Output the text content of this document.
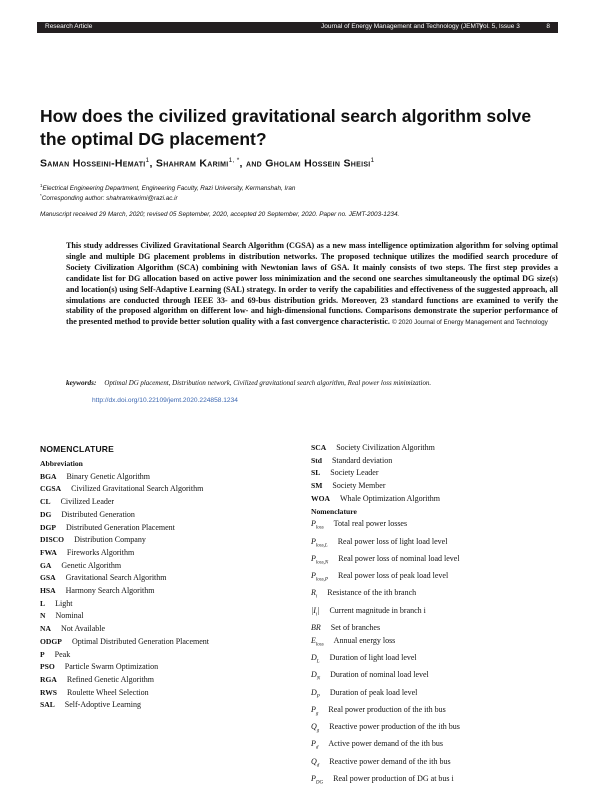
Research Article	Journal of Energy Management and Technology (JEMT)
Vol. 5, Issue 3	8
How does the civilized gravitational search algorithm solve the optimal DG placement?
Saman Hosseini-Hemati$^1$, Shahram Karimi$^{1, *}$, and Gholam Hossein Sheisi$^1$
$^1$Electrical Engineering Department, Engineering Faculty, Razi University, Kermanshah, Iran
*Corresponding author: shahramkarimi@razi.ac.ir
Manuscript received 29 March, 2020; revised 05 September, 2020, accepted 20 September, 2020. Paper no. JEMT-2003-1234.
This study addresses Civilized Gravitational Search Algorithm (CGSA) as a new mass intelligence optimization algorithm for solving optimal single and multiple DG placement problems in distribution networks. The proposed technique utilizes the modified search procedure of Society Civilization Algorithm (SCA) combining with Newtonian laws of GSA. It mainly consists of two steps. The first step provides a candidate list for DG allocation based on active power loss minimization and the second one searches simultaneously the optimal DG size(s) and location(s) using Self-Adaptive Learning (SAL) strategy. In order to verify the capabilities and effectiveness of the suggested approach, all simulations are conducted through IEEE 33- and 69-bus distribution grids. Moreover, 23 standard functions are examined to verify the stability of the proposed algorithm on different low- and high-dimensional functions. Comparisons demonstrate the superior performance of the presented method to provide better solution quality with a fast convergence characteristic. © 2020 Journal of Energy Management and Technology
keywords: Optimal DG placement, Distribution network, Civilized gravitational search algorithm, Real power loss minimization.
http://dx.doi.org/10.22109/jemt.2020.224858.1234
NOMENCLATURE
Abbreviation
BGA Binary Genetic Algorithm
CGSA Civilized Gravitational Search Algorithm
CL Civilized Leader
DG Distributed Generation
DGP Distributed Generation Placement
DISCO Distribution Company
FWA Fireworks Algorithm
GA Genetic Algorithm
GSA Gravitational Search Algorithm
HSA Harmony Search Algorithm
L Light
N Nominal
NA Not Available
ODGP Optimal Distributed Generation Placement
P Peak
PSO Particle Swarm Optimization
RGA Refined Genetic Algorithm
RWS Roulette Wheel Selection
SAL Self-Adoptive Learning
SCA Society Civilization Algorithm
Std Standard deviation
SL Society Leader
SM Society Member
WOA Whale Optimization Algorithm
Nomenclature
$P_{loss}Total$ real power losses
$P_{loss,L}Real$ power loss of light load level
$P_{loss,N}Real$ power loss of nominal load level
$P_{loss,P}Real$ power loss of peak load level
$R_iResistance$ of the ith branch
$|I_i|$ Current magnitude in branch i
BR Set of branches
$E_{loss}Annual$ energy loss
$D_LDuration$ of light load level
$D_NDuration$ of nominal load level
$D_PDuration$ of peak load level
$P_gReal$ power production of the ith bus
$Q_gReactive$ power production of the ith bus
$P_dActive$ power demand of the ith bus
$Q_dReactive$ power demand of the ith bus
$P_{DG}Real$ power production of DG at bus i
